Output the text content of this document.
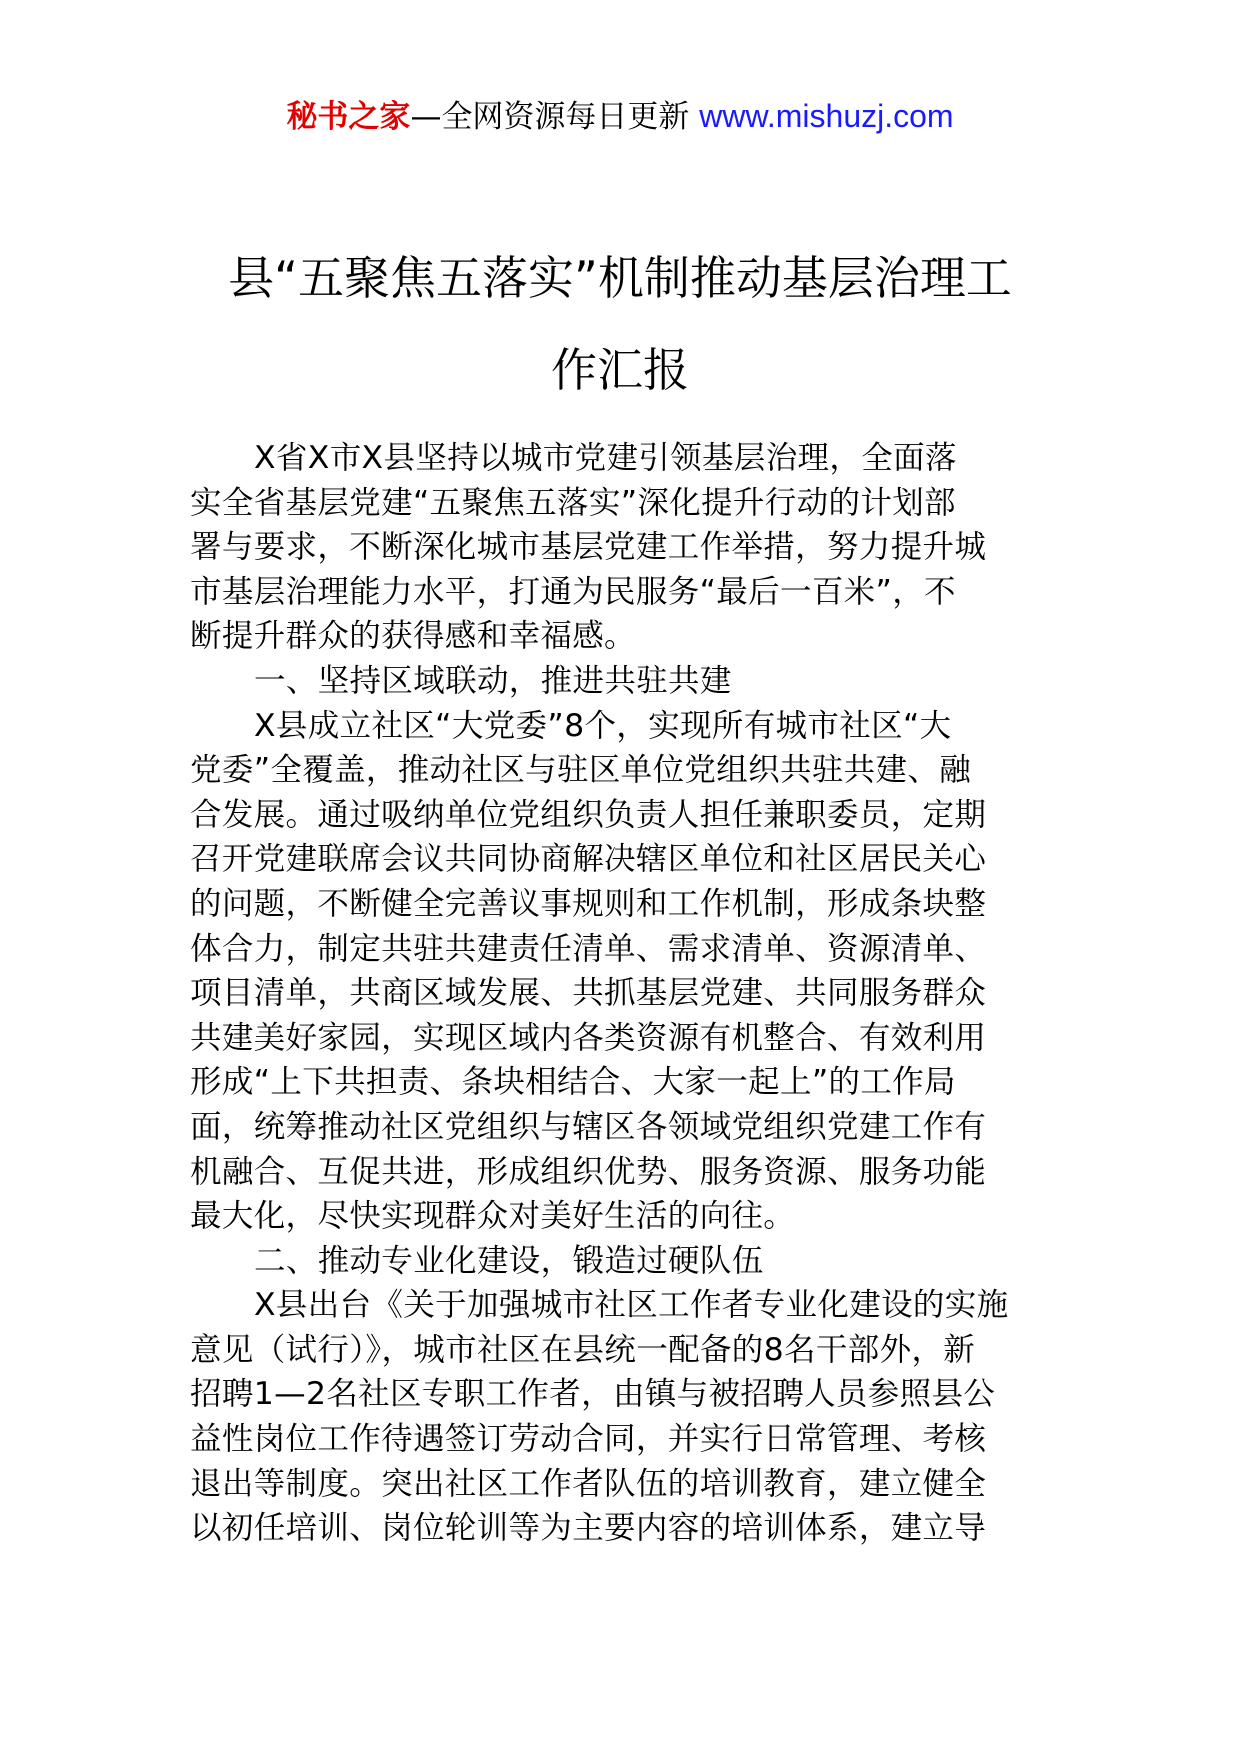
秘书之家—全网资源每日更新 www.mishuzj.com
县“五聚焦五落实”机制推动基层治理工
作汇报
X省X市X县坚持以城市党建引领基层治理，全面落
实全省基层党建“五聚焦五落实”深化提升行动的计划部
署与要求，不断深化城市基层党建工作举措，努力提升城
市基层治理能力水平，打通为民服务“最后一百米”，不
断提升群众的获得感和幸福感。
一、坚持区域联动，推进共驻共建
X县成立社区“大党委”8个，实现所有城市社区“大
党委”全覆盖，推动社区与驻区单位党组织共驻共建、融
合发展。通过吸纳单位党组织负责人担任兼职委员，定期
召开党建联席会议共同协商解决辖区单位和社区居民关心
的问题，不断健全完善议事规则和工作机制，形成条块整
体合力，制定共驻共建责任清单、需求清单、资源清单、
项目清单，共商区域发展、共抓基层党建、共同服务群众
共建美好家园，实现区域内各类资源有机整合、有效利用
形成“上下共担责、条块相结合、大家一起上”的工作局
面，统筹推动社区党组织与辖区各领域党组织党建工作有
机融合、互促共进，形成组织优势、服务资源、服务功能
最大化，尽快实现群众对美好生活的向往。
二、推动专业化建设，锻造过硬队伍
X县出台《关于加强城市社区工作者专业化建设的实施
意见（试行）》，城市社区在县统一配备的8名干部外，新
招聘1—2名社区专职工作者，由镇与被招聘人员参照县公
益性岗位工作待遇签订劳动合同，并实行日常管理、考核
退出等制度。突出社区工作者队伍的培训教育，建立健全
以初任培训、岗位轮训等为主要内容的培训体系，建立导
